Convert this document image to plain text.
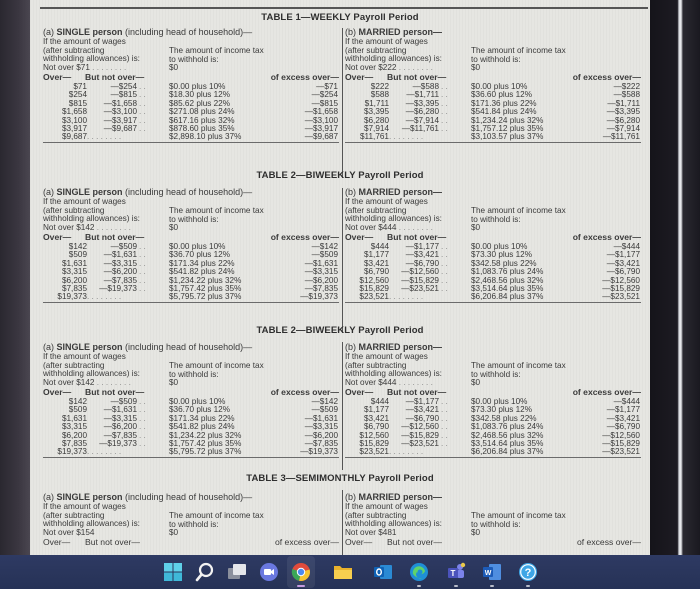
TABLE 1—WEEKLY Payroll Period
(a) SINGLE person (including head of household)—
If the amount of wages
(after subtracting
withholding allowances) is:
The amount of income tax
to withhold is:
Not over $71 . . . . . . . .	$0
Over— But not over—	of excess over—
$71	—$254 . .	$0.00 plus 10%	—$71
$254	—$815 . .	$18.30 plus 12%	—$254
$815 —$1,658 . .	$85.62 plus 22%	—$815
$1,658 —$3,100 . .	$271.08 plus 24%	—$1,658
$3,100 —$3,917 . .	$617.16 plus 32%	—$3,100
$3,917 —$9,687 . .	$878.60 plus 35%	—$3,917
$9,687 . . . . . . . .	$2,898.10 plus 37%	—$9,687
(b) MARRIED person—
If the amount of wages
(after subtracting
withholding allowances) is:
The amount of income tax
to withhold is:
Not over $222 . . . . . . . .	$0
Over— But not over—	of excess over—
$222	—$588 . .	$0.00 plus 10%	—$222
$588 —$1,711 . .	$36.60 plus 12%	—$588
$1,711 —$3,395 . .	$171.36 plus 22%	—$1,711
$3,395 —$6,280 . .	$541.84 plus 24%	—$3,395
$6,280 —$7,914 . .	$1,234.24 plus 32%	—$6,280
$7,914 —$11,761 . .	$1,757.12 plus 35%	—$7,914
$11,761 . . . . . . . .	$3,103.57 plus 37%	—$11,761
TABLE 2—BIWEEKLY Payroll Period
(a) SINGLE person (including head of household)—
If the amount of wages
(after subtracting
withholding allowances) is:
The amount of income tax
to withhold is:
Not over $142 . . . . . . . .	$0
Over— But not over—	of excess over—
$142	—$509 . .	$0.00 plus 10%	—$142
$509 —$1,631 . .	$36.70 plus 12%	—$509
$1,631 —$3,315 . .	$171.34 plus 22%	—$1,631
$3,315 —$6,200 . .	$541.82 plus 24%	—$3,315
$6,200 —$7,835 . .	$1,234.22 plus 32%	—$6,200
$7,835 —$19,373 . .	$1,757.42 plus 35%	—$7,835
$19,373 . . . . . . . .	$5,795.72 plus 37%	—$19,373
(b) MARRIED person—
If the amount of wages
(after subtracting
withholding allowances) is:
The amount of income tax
to withhold is:
Not over $444 . . . . . . . .	$0
Over— But not over—	of excess over—
$444 —$1,177 . .	$0.00 plus 10%	—$444
$1,177 —$3,421 . .	$73.30 plus 12%	—$1,177
$3,421 —$6,790 . .	$342.58 plus 22%	—$3,421
$6,790 —$12,560 . .	$1,083.76 plus 24%	—$6,790
$12,560 —$15,829 . .	$2,468.56 plus 32%	—$12,560
$15,829 —$23,521 . .	$3,514.64 plus 35%	—$15,829
$23,521 . . . . . . . .	$6,206.84 plus 37%	—$23,521
TABLE 2—BIWEEKLY Payroll Period
(a) SINGLE person (including head of household)—
If the amount of wages
(after subtracting
withholding allowances) is:
The amount of income tax
to withhold is:
Not over $142 . . . . . . . .	$0
Over— But not over—	of excess over—
$142	—$509 . .	$0.00 plus 10%	—$142
$509 —$1,631 . .	$36.70 plus 12%	—$509
$1,631 —$3,315 . .	$171.34 plus 22%	—$1,631
$3,315 —$6,200 . .	$541.82 plus 24%	—$3,315
$6,200 —$7,835 . .	$1,234.22 plus 32%	—$6,200
$7,835 —$19,373 . .	$1,757.42 plus 35%	—$7,835
$19,373 . . . . . . . .	$5,795.72 plus 37%	—$19,373
(b) MARRIED person—
If the amount of wages
(after subtracting
withholding allowances) is:
The amount of income tax
to withhold is:
Not over $444 . . . . . . . .	$0
Over— But not over—	of excess over—
$444 —$1,177 . .	$0.00 plus 10%	—$444
$1,177 —$3,421 . .	$73.30 plus 12%	—$1,177
$3,421 —$6,790 . .	$342.58 plus 22%	—$3,421
$6,790 —$12,560 . .	$1,083.76 plus 24%	—$6,790
$12,560 —$15,829 . .	$2,468.56 plus 32%	—$12,560
$15,829 —$23,521 . .	$3,514.64 plus 35%	—$15,829
$23,521 . . . . . . . .	$6,206.84 plus 37%	—$23,521
TABLE 3—SEMIMONTHLY Payroll Period
(a) SINGLE person (including head of household)—
If the amount of wages
(after subtracting
withholding allowances) is:
The amount of income tax
to withhold is:
Not over $154	$0
Over— But not over—	of excess over—
(b) MARRIED person—
If the amount of wages
(after subtracting
withholding allowances) is:
The amount of income tax
to withhold is:
Not over $481	$0
Over— But not over—	of excess over—
T	W	?
